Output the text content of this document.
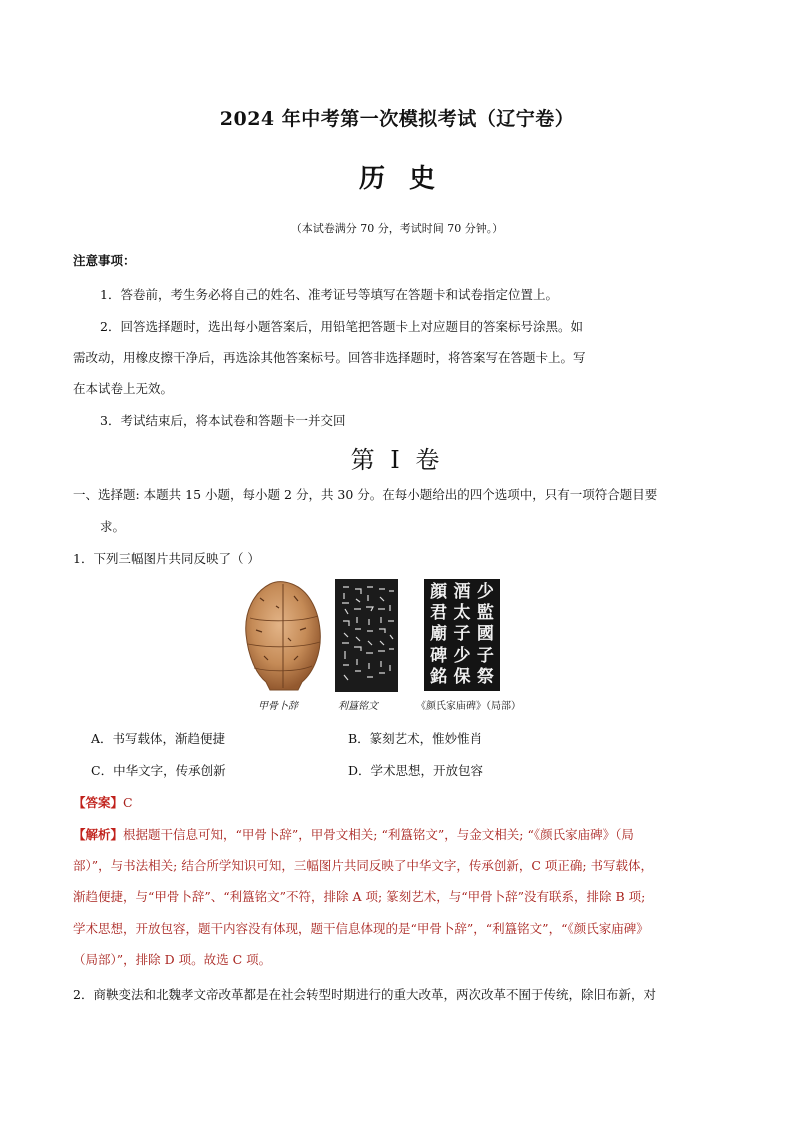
2024 年中考第一次模拟考试（辽宁卷）
历史
（本试卷满分 70 分，考试时间 70 分钟。）
注意事项：
1．答卷前，考生务必将自己的姓名、准考证号等填写在答题卡和试卷指定位置上。
2．回答选择题时，选出每小题答案后，用铅笔把答题卡上对应题目的答案标号涂黑。如
需改动，用橡皮擦干净后，再选涂其他答案标号。回答非选择题时，将答案写在答题卡上。写
在本试卷上无效。
3．考试结束后，将本试卷和答题卡一并交回
第 I 卷
一、选择题: 本题共 15 小题，每小题 2 分，共 30 分。在每小题给出的四个选项中，只有一项符合题目要
求。
1．下列三幅图片共同反映了（ ）
甲骨卜辞	利簋铭文
少
監
國
子
祭
酒
太
子
少
保
顔
君
廟
碑
銘
《颜氏家庙碑》（局部）
A．书写载体，渐趋便捷	B．篆刻艺术，惟妙惟肖
C．中华文字，传承创新	D．学术思想，开放包容
【答案】C
【解析】根据题干信息可知，“甲骨卜辞”，甲骨文相关; “利簋铭文”，与金文相关; “《颜氏家庙碑》（局
部）”，与书法相关; 结合所学知识可知，三幅图片共同反映了中华文字，传承创新，C 项正确; 书写载体，
渐趋便捷，与“甲骨卜辞”、“利簋铭文”不符，排除 A 项; 篆刻艺术，与“甲骨卜辞”没有联系，排除 B 项;
学术思想，开放包容，题干内容没有体现，题干信息体现的是“甲骨卜辞”，“利簋铭文”，“《颜氏家庙碑》
（局部）”，排除 D 项。故选 C 项。
2．商鞅变法和北魏孝文帝改革都是在社会转型时期进行的重大改革，两次改革不囿于传统，除旧布新，对
